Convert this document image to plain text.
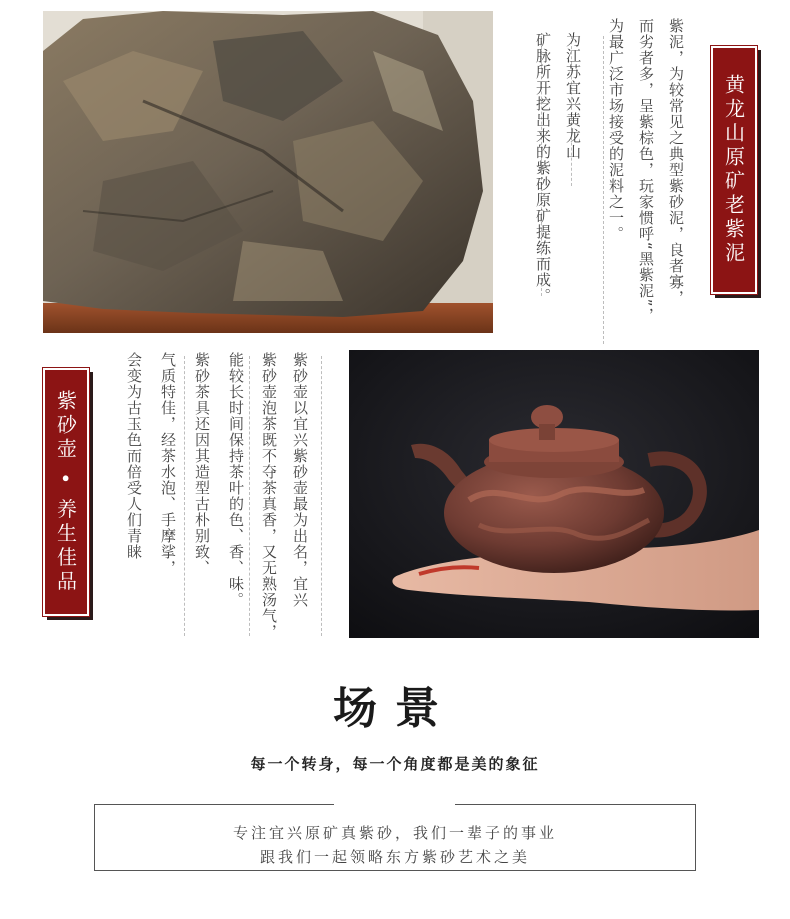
紫泥，为较常见之典型紫砂泥，良者寡，
而劣者多，呈紫棕色，玩家惯呼“黑紫泥”，
为最广泛市场接受的泥料之一。
为江苏宜兴黄龙山
矿脉所开挖出来的紫砂原矿提练而成。	黄龙山原矿老紫泥
紫砂壶 • 养生佳品	紫砂壶以宜兴紫砂壶最为出名，宜兴
紫砂壶泡茶既不夺茶真香，又无熟汤气，
能较长时间保持茶叶的色、香、味。
紫砂茶具还因其造型古朴别致、
气质特佳，经茶水泡、手摩挲，
会变为古玉色而倍受人们青睐
场景
每一个转身，每一个角度都是美的象征
专注宜兴原矿真紫砂，我们一辈子的事业
跟我们一起领略东方紫砂艺术之美
